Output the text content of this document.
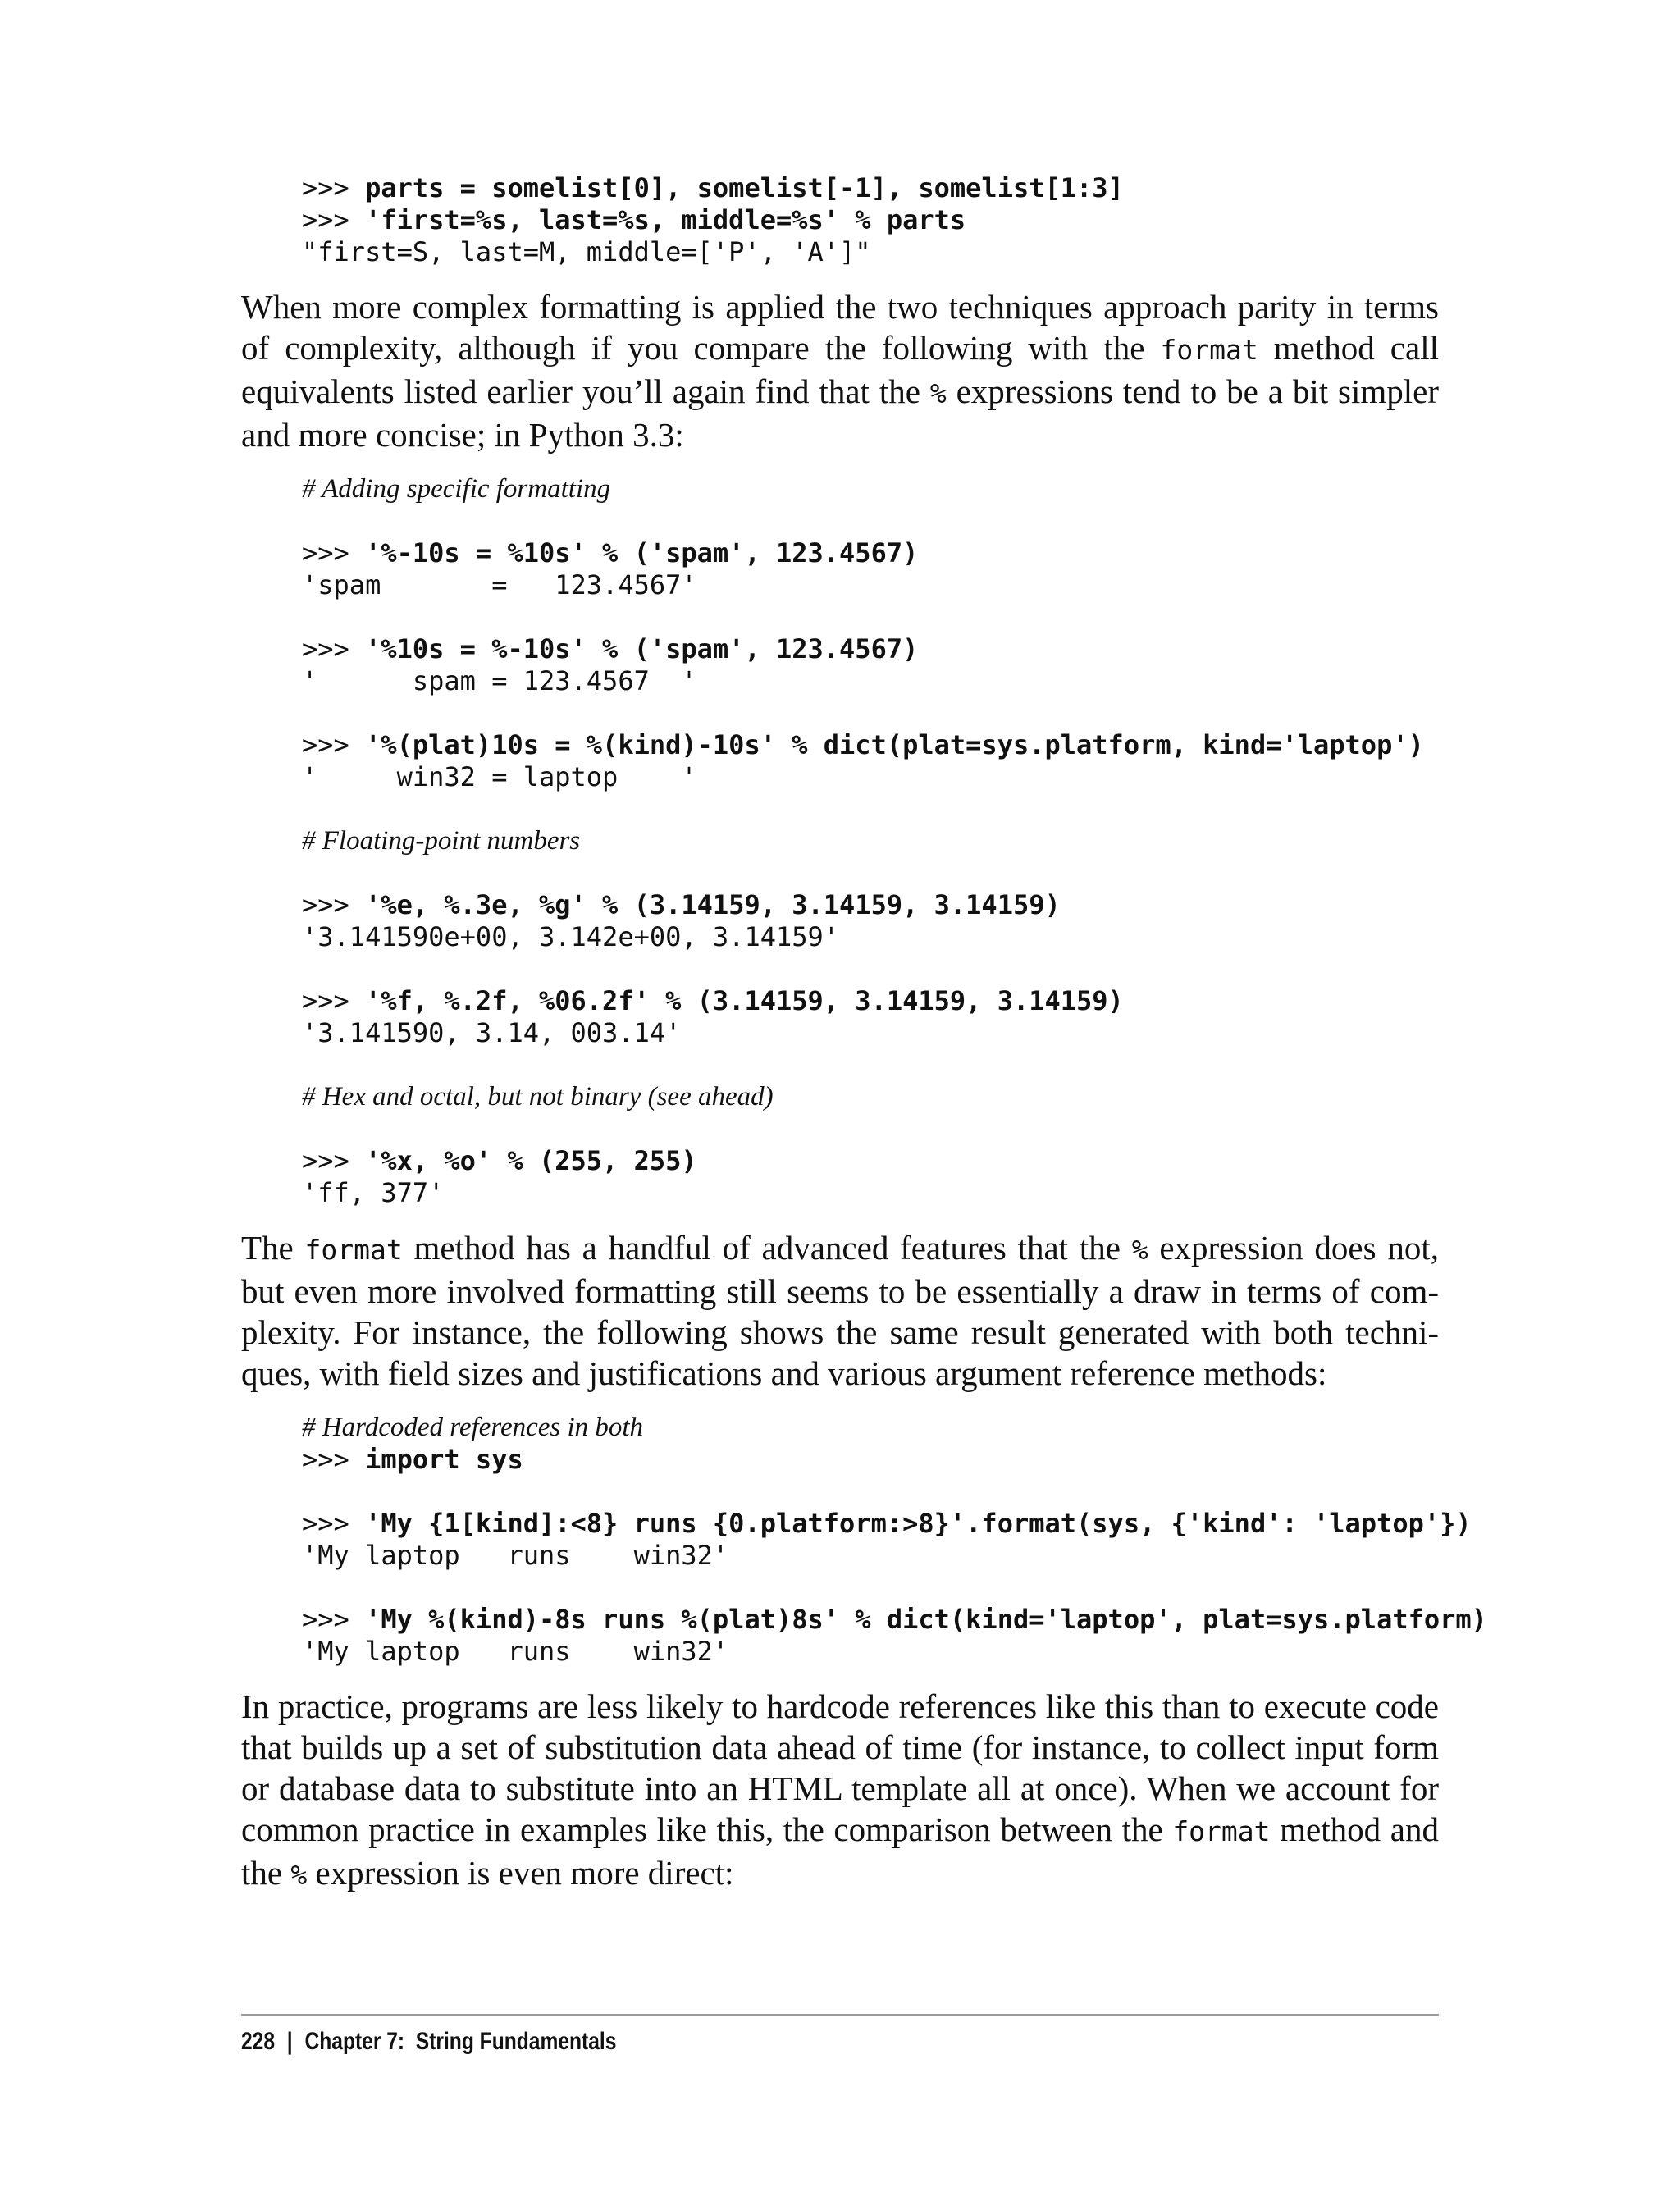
>>> parts = somelist[0], somelist[-1], somelist[1:3]
>>> 'first=%s, last=%s, middle=%s' % parts
"first=S, last=M, middle=['P', 'A']"

When more complex formatting is applied the two techniques approach parity in terms of complexity, although if you compare the following with the format method call equivalents listed earlier you’ll again find that the % expressions tend to be a bit simpler and more concise; in Python 3.3:

# Adding specific formatting
>>> '%-10s = %10s' % ('spam', 123.4567)
'spam       =   123.4567'
>>> '%10s = %-10s' % ('spam', 123.4567)
'      spam = 123.4567  '
>>> '%(plat)10s = %(kind)-10s' % dict(plat=sys.platform, kind='laptop')
'     win32 = laptop    '
# Floating-point numbers
>>> '%e, %.3e, %g' % (3.14159, 3.14159, 3.14159)
'3.141590e+00, 3.142e+00, 3.14159'
>>> '%f, %.2f, %06.2f' % (3.14159, 3.14159, 3.14159)
'3.141590, 3.14, 003.14'
# Hex and octal, but not binary (see ahead)
>>> '%x, %o' % (255, 255)
'ff, 377'

The format method has a handful of advanced features that the % expression does not, but even more involved formatting still seems to be essentially a draw in terms of complexity. For instance, the following shows the same result generated with both techniques, with field sizes and justifications and various argument reference methods:

# Hardcoded references in both
>>> import sys
>>> 'My {1[kind]:<8} runs {0.platform:>8}'.format(sys, {'kind': 'laptop'})
'My laptop   runs    win32'
>>> 'My %(kind)-8s runs %(plat)8s' % dict(kind='laptop', plat=sys.platform)
'My laptop   runs    win32'

In practice, programs are less likely to hardcode references like this than to execute code that builds up a set of substitution data ahead of time (for instance, to collect input form or database data to substitute into an HTML template all at once). When we account for common practice in examples like this, the comparison between the format method and the % expression is even more direct:

228 | Chapter 7:  String Fundamentals
